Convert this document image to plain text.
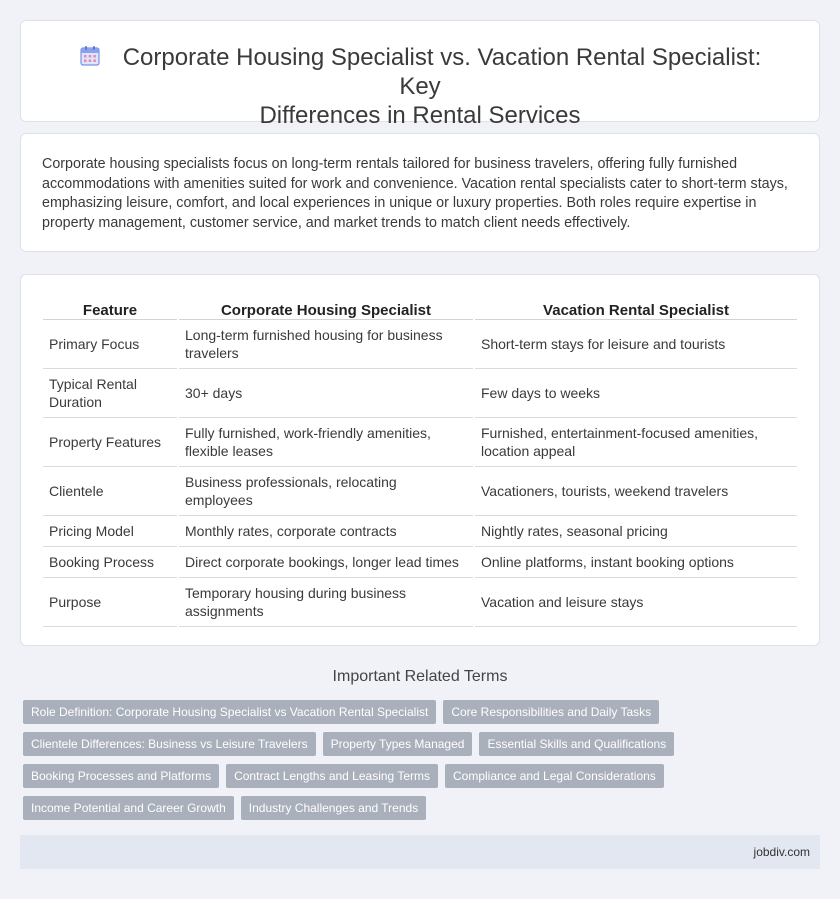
Corporate Housing Specialist vs. Vacation Rental Specialist: Key
Differences in Rental Services

Corporate housing specialists focus on long-term rentals tailored for business travelers, offering fully furnished accommodations with amenities suited for work and convenience. Vacation rental specialists cater to short-term stays, emphasizing leisure, comfort, and local experiences in unique or luxury properties. Both roles require expertise in property management, customer service, and market trends to match client needs effectively.

Feature	Corporate Housing Specialist	Vacation Rental Specialist
Primary Focus	Long-term furnished housing for business travelers	Short-term stays for leisure and tourists
Typical Rental Duration	30+ days	Few days to weeks
Property Features	Fully furnished, work-friendly amenities, flexible leases	Furnished, entertainment-focused amenities, location appeal
Clientele	Business professionals, relocating employees	Vacationers, tourists, weekend travelers
Pricing Model	Monthly rates, corporate contracts	Nightly rates, seasonal pricing
Booking Process	Direct corporate bookings, longer lead times	Online platforms, instant booking options
Purpose	Temporary housing during business assignments	Vacation and leisure stays
Important Related Terms
Role Definition: Corporate Housing Specialist vs Vacation Rental Specialist	Core Responsibilities and Daily Tasks
Clientele Differences: Business vs Leisure Travelers	Property Types Managed	Essential Skills and Qualifications
Booking Processes and Platforms	Contract Lengths and Leasing Terms	Compliance and Legal Considerations
Income Potential and Career Growth	Industry Challenges and Trends
jobdiv.com
